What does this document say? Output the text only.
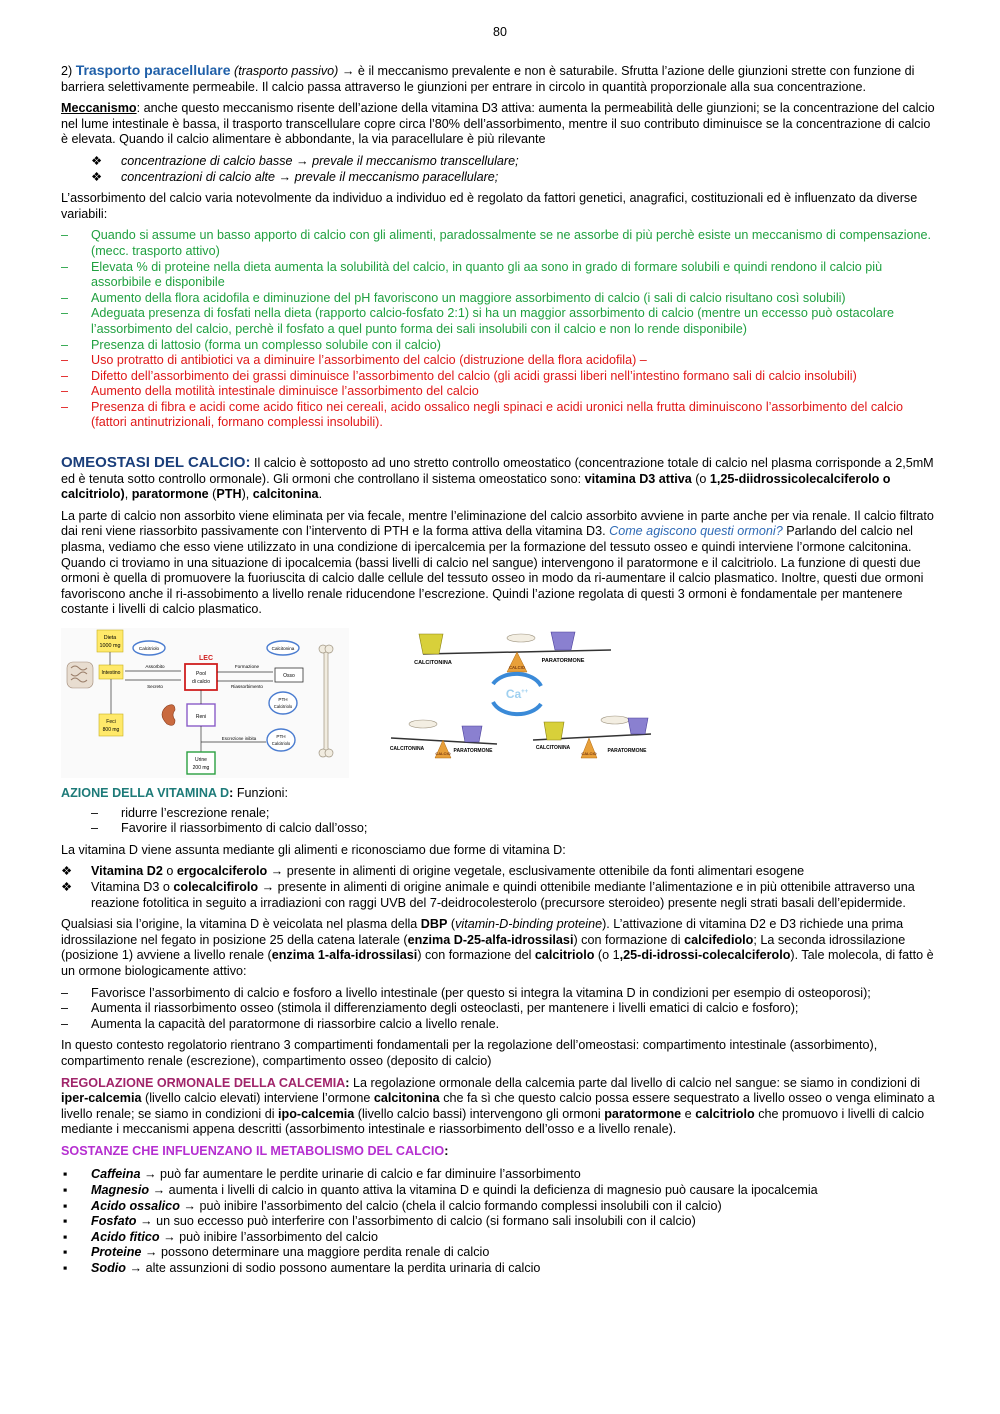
80

2) Trasporto paracellulare (trasporto passivo) → è il meccanismo prevalente e non è saturabile. Sfrutta l’azione delle giunzioni strette con funzione di barriera selettivamente permeabile. Il calcio passa attraverso le giunzioni per entrare in circolo in quantità proporzionale alla sua concentrazione.

Meccanismo: anche questo meccanismo risente dell’azione della vitamina D3 attiva: aumenta la permeabilità delle giunzioni; se la concentrazione del calcio nel lume intestinale è bassa, il trasporto transcellulare copre circa l’80% dell’assorbimento, mentre il suo contributo diminuisce se la concentrazione di calcio è elevata. Quando il calcio alimentare è abbondante, la via paracellulare è più rilevante

❖ concentrazione di calcio basse → prevale il meccanismo transcellulare;
❖ concentrazioni di calcio alte → prevale il meccanismo paracellulare;

L’assorbimento del calcio varia notevolmente da individuo a individuo ed è regolato da fattori genetici, anagrafici, costituzionali ed è influenzato da diverse variabili:

– Quando si assume un basso apporto di calcio con gli alimenti, paradossalmente se ne assorbe di più perchè esiste un meccanismo di compensazione. (mecc. trasporto attivo)
– Elevata % di proteine nella dieta aumenta la solubilità del calcio, in quanto gli aa sono in grado di formare solubili e quindi rendono il calcio più assorbibile e disponibile
– Aumento della flora acidofila e diminuzione del pH favoriscono un maggiore assorbimento di calcio (i sali di calcio risultano così solubili)
– Adeguata presenza di fosfati nella dieta (rapporto calcio-fosfato 2:1) si ha un maggior assorbimento di calcio (mentre un eccesso può ostacolare l’assorbimento del calcio, perchè il fosfato a quel punto forma dei sali insolubili con il calcio e non lo rende disponibile)
– Presenza di lattosio (forma un complesso solubile con il calcio)
– Uso protratto di antibiotici va a diminuire l’assorbimento del calcio (distruzione della flora acidofila) –
– Difetto dell’assorbimento dei grassi diminuisce l’assorbimento del calcio (gli acidi grassi liberi nell’intestino formano sali di calcio insolubili)
– Aumento della motilità intestinale diminuisce l’assorbimento del calcio
– Presenza di fibra e acidi come acido fitico nei cereali, acido ossalico negli spinaci e acidi uronici nella frutta diminuiscono l’assorbimento del calcio (fattori antinutrizionali, formano complessi insolubili).

OMEOSTASI DEL CALCIO: Il calcio è sottoposto ad uno stretto controllo omeostatico (concentrazione totale di calcio nel plasma corrisponde a 2,5mM ed è tenuta sotto controllo ormonale). Gli ormoni che controllano il sistema omeostatico sono: vitamina D3 attiva (o 1,25-diidrossicolecalciferolo o calcitriolo), paratormone (PTH), calcitonina.

La parte di calcio non assorbito viene eliminata per via fecale, mentre l’eliminazione del calcio assorbito avviene in parte anche per via renale. Il calcio filtrato dai reni viene riassorbito passivamente con l’intervento di PTH e la forma attiva della vitamina D3. Come agiscono questi ormoni? Parlando del calcio nel plasma, vediamo che esso viene utilizzato in una condizione di ipercalcemia per la formazione del tessuto osseo e quindi interviene l’ormone calcitonina. Quando ci troviamo in una situazione di ipocalcemia (bassi livelli di calcio nel sangue) intervengono il paratormone e il calcitriolo. La funzione di questi due ormoni è quella di promuovere la fuoriuscita di calcio dalle cellule del tessuto osseo in modo da ri-aumentare il calcio plasmatico. Inoltre, questi due ormoni favoriscono anche il ri-assobimento a livello renale riducendone l’escrezione. Quindi l’azione regolata di questi 3 ormoni è fondamentale per mantenere costante i livelli di calcio plasmatico.

Dieta
1000 mg
Intestino
Calcitriolo
Assorbito
Secreto
LEC
Pool
di calcio
Formazione
Riassorbimento
Osso
Calcitonina
PTH
Calcitriolo
Feci
800 mg
Reni
Escrezione inibita	PTH
Calcitriolo
Urine
200 mg
CALCITONINA	PARATORMONE
CALCIO
Ca++
CALCITONINA	PARATORMONE
CALCIO
CALCITONINA	PARATORMONE
CALCIO

AZIONE DELLA VITAMINA D: Funzioni:

– ridurre l’escrezione renale;
– Favorire il riassorbimento di calcio dall’osso;

La vitamina D viene assunta mediante gli alimenti e riconosciamo due forme di vitamina D:

❖ Vitamina D2 o ergocalciferolo → presente in alimenti di origine vegetale, esclusivamente ottenibile da fonti alimentari esogene
❖ Vitamina D3 o colecalcifirolo → presente in alimenti di origine animale e quindi ottenibile mediante l’alimentazione e in più ottenibile attraverso una reazione fotolitica in seguito a irradiazioni con raggi UVB del 7-deidrocolesterolo (precursore steroideo) presente negli strati basali dell’epidermide.

Qualsiasi sia l’origine, la vitamina D è veicolata nel plasma della DBP (vitamin-D-binding proteine). L’attivazione di vitamina D2 e D3 richiede una prima idrossilazione nel fegato in posizione 25 della catena laterale (enzima D-25-alfa-idrossilasi) con formazione di calcifediolo; La seconda idrossilazione (posizione 1) avviene a livello renale (enzima 1-alfa-idrossilasi) con formazione del calcitriolo (o 1,25-di-idrossi-colecalciferolo). Tale molecola, di fatto è un ormone biologicamente attivo:

– Favorisce l’assorbimento di calcio e fosforo a livello intestinale (per questo si integra la vitamina D in condizioni per esempio di osteoporosi);
– Aumenta il riassorbimento osseo (stimola il differenziamento degli osteoclasti, per mantenere i livelli ematici di calcio e fosforo);
– Aumenta la capacità del paratormone di riassorbire calcio a livello renale.

In questo contesto regolatorio rientrano 3 compartimenti fondamentali per la regolazione dell’omeostasi: compartimento intestinale (assorbimento), compartimento renale (escrezione), compartimento osseo (deposito di calcio)

REGOLAZIONE ORMONALE DELLA CALCEMIA: La regolazione ormonale della calcemia parte dal livello di calcio nel sangue: se siamo in condizioni di iper-calcemia (livello calcio elevati) interviene l’ormone calcitonina che fa sì che questo calcio possa essere sequestrato a livello osseo o venga eliminato a livello renale; se siamo in condizioni di ipo-calcemia (livello calcio bassi) intervengono gli ormoni paratormone e calcitriolo che promuovo i livelli di calcio mediante i meccanismi appena descritti (assorbimento intestinale e riassorbimento dell’osso e a livello renale).

SOSTANZE CHE INFLUENZANO IL METABOLISMO DEL CALCIO:

▪ Caffeina → può far aumentare le perdite urinarie di calcio e far diminuire l’assorbimento
▪ Magnesio → aumenta i livelli di calcio in quanto attiva la vitamina D e quindi la deficienza di magnesio può causare la ipocalcemia
▪ Acido ossalico → può inibire l’assorbimento del calcio (chela il calcio formando complessi insolubili con il calcio)
▪ Fosfato → un suo eccesso può interferire con l’assorbimento di calcio (si formano sali insolubili con il calcio)
▪ Acido fitico → può inibire l’assorbimento del calcio
▪ Proteine → possono determinare una maggiore perdita renale di calcio
▪ Sodio → alte assunzioni di sodio possono aumentare la perdita urinaria di calcio
